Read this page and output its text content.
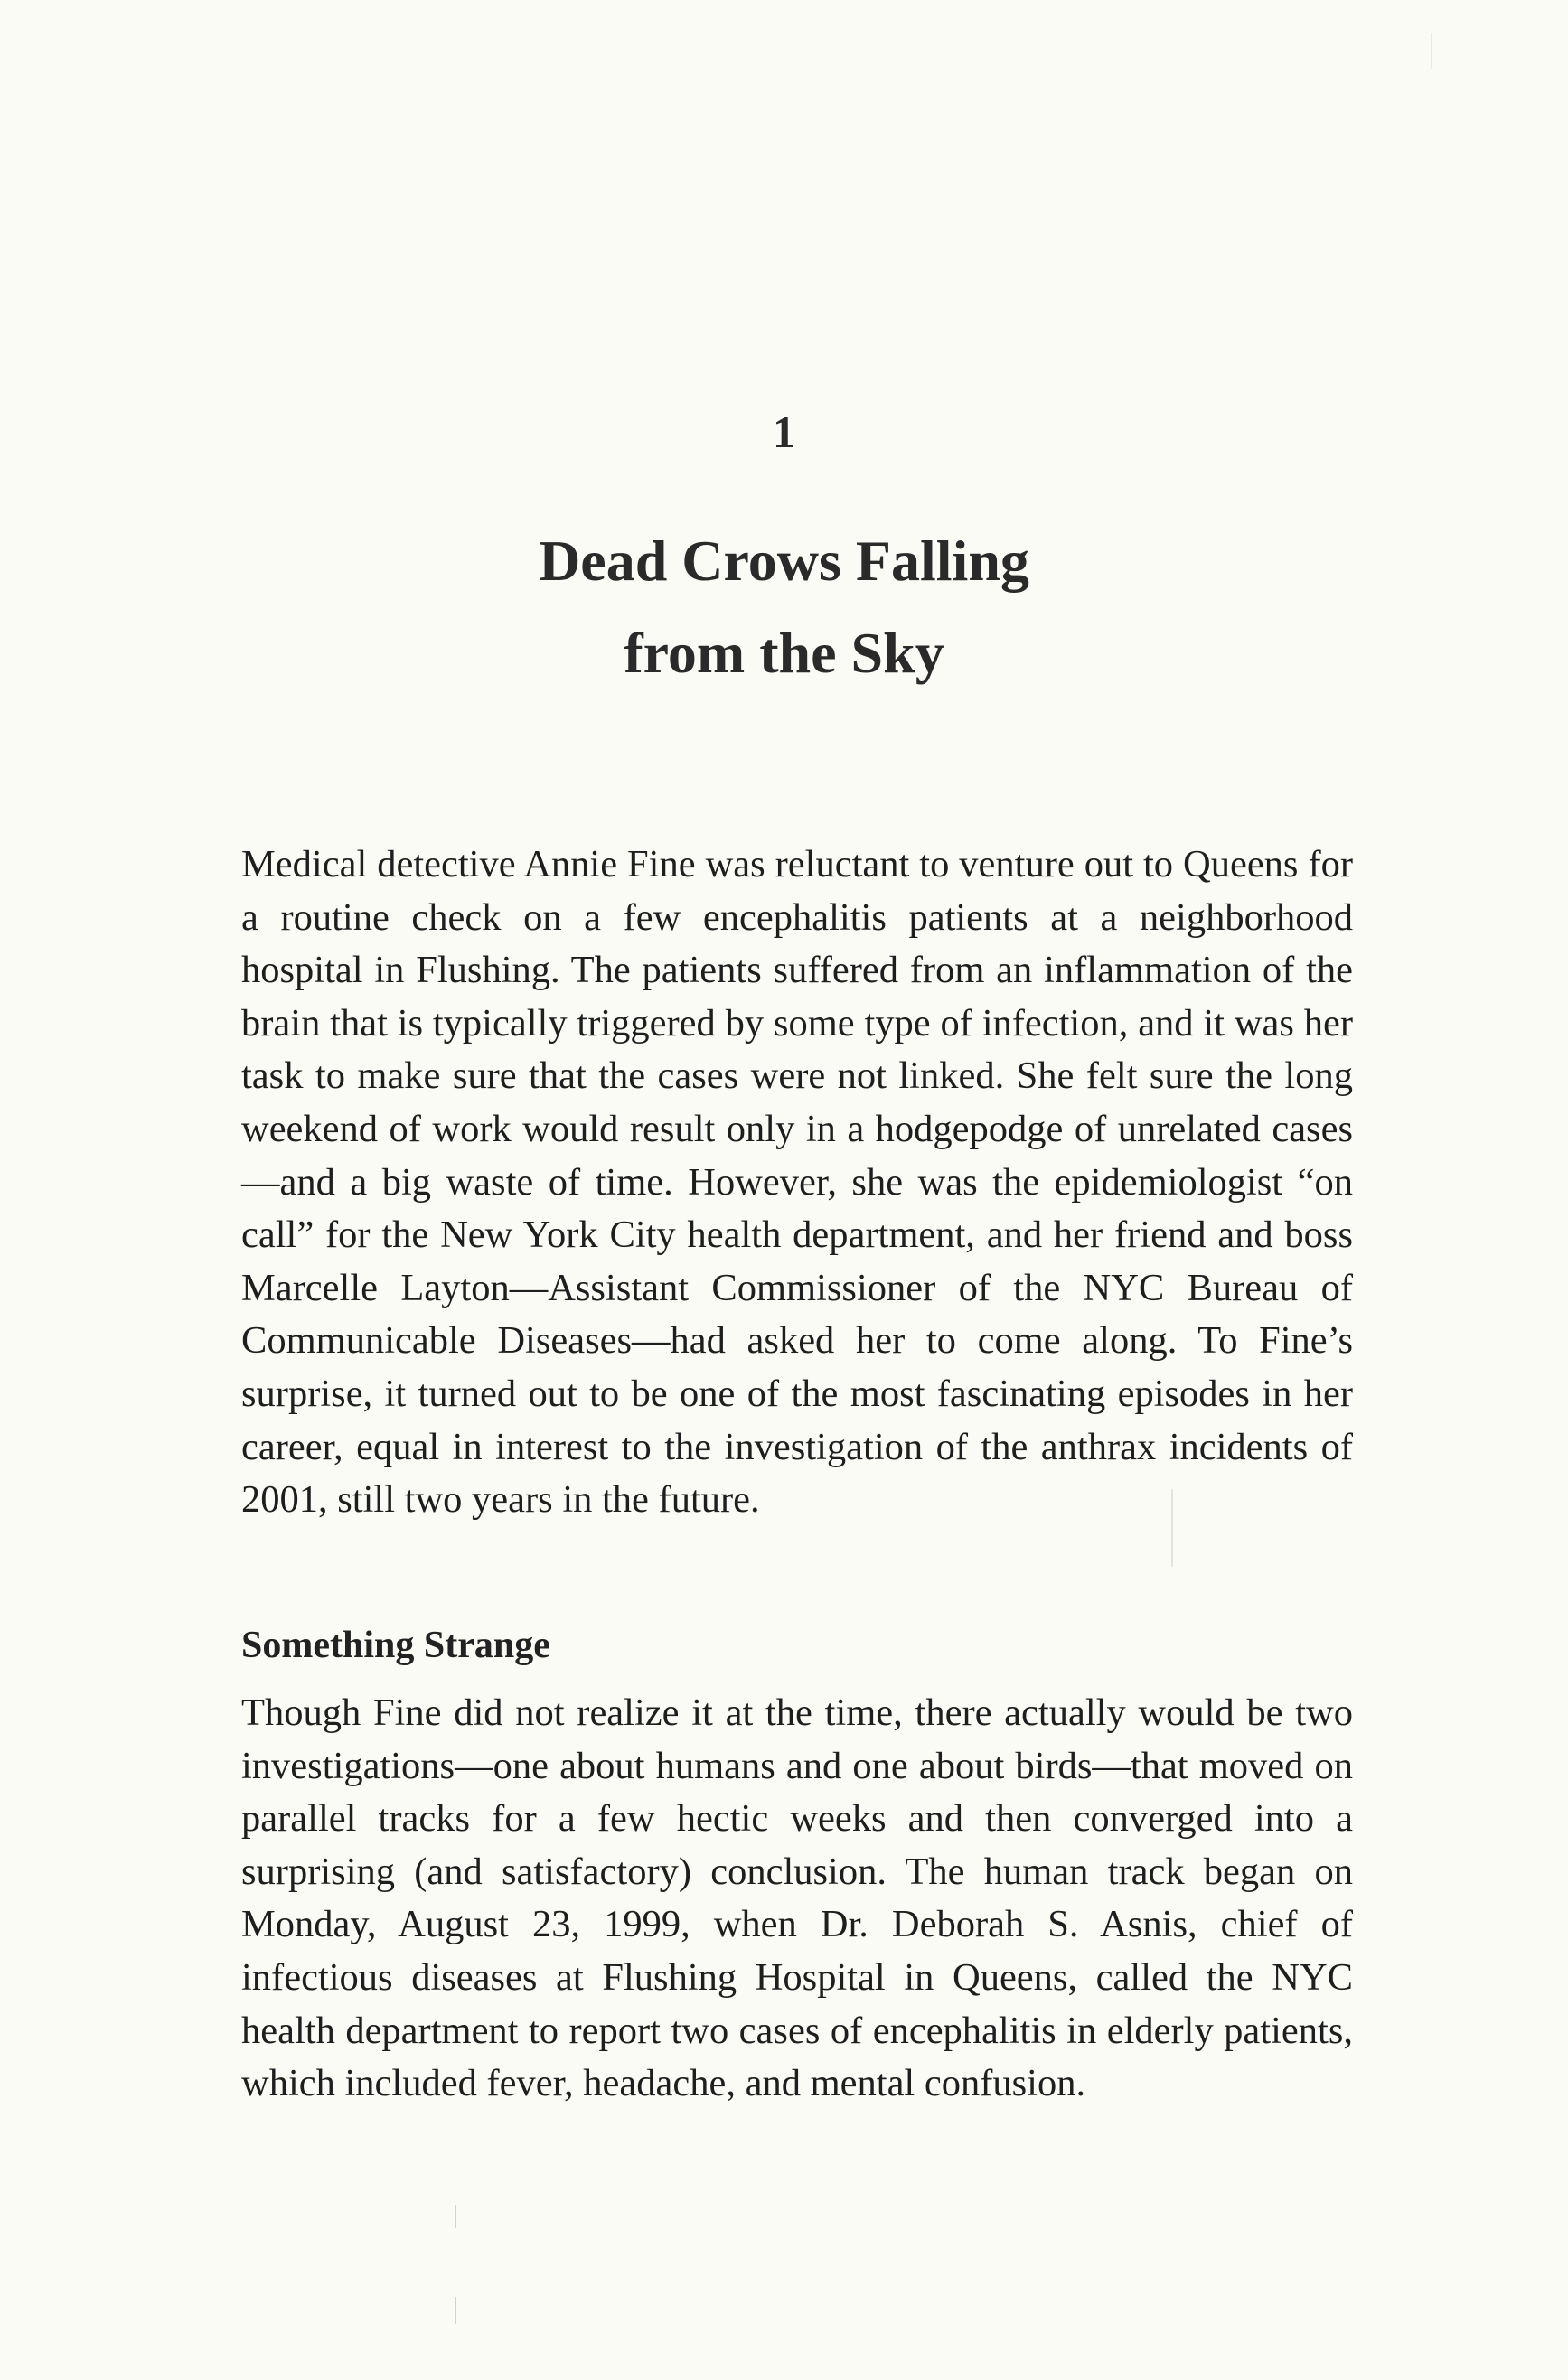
1
Dead Crows Falling
from the Sky

Medical detective Annie Fine was reluctant to venture out to Queens for a routine check on a few encephalitis patients at a neighborhood hospital in Flushing. The patients suffered from an inflammation of the brain that is typically triggered by some type of infection, and it was her task to make sure that the cases were not linked. She felt sure the long weekend of work would result only in a hodgepodge of unrelated cases—and a big waste of time. However, she was the epidemiologist “on call” for the New York City health department, and her friend and boss Marcelle Layton—Assistant Commissioner of the NYC Bureau of Communicable Diseases—had asked her to come along. To Fine’s surprise, it turned out to be one of the most fascinating episodes in her career, equal in interest to the investigation of the anthrax incidents of 2001, still two years in the future.

Something Strange

Though Fine did not realize it at the time, there actually would be two investigations—one about humans and one about birds—that moved on parallel tracks for a few hectic weeks and then converged into a surprising (and satisfactory) conclusion. The human track began on Monday, August 23, 1999, when Dr. Deborah S. Asnis, chief of infectious diseases at Flushing Hospital in Queens, called the NYC health department to report two cases of encephalitis in elderly patients, which included fever, headache, and mental confusion.
